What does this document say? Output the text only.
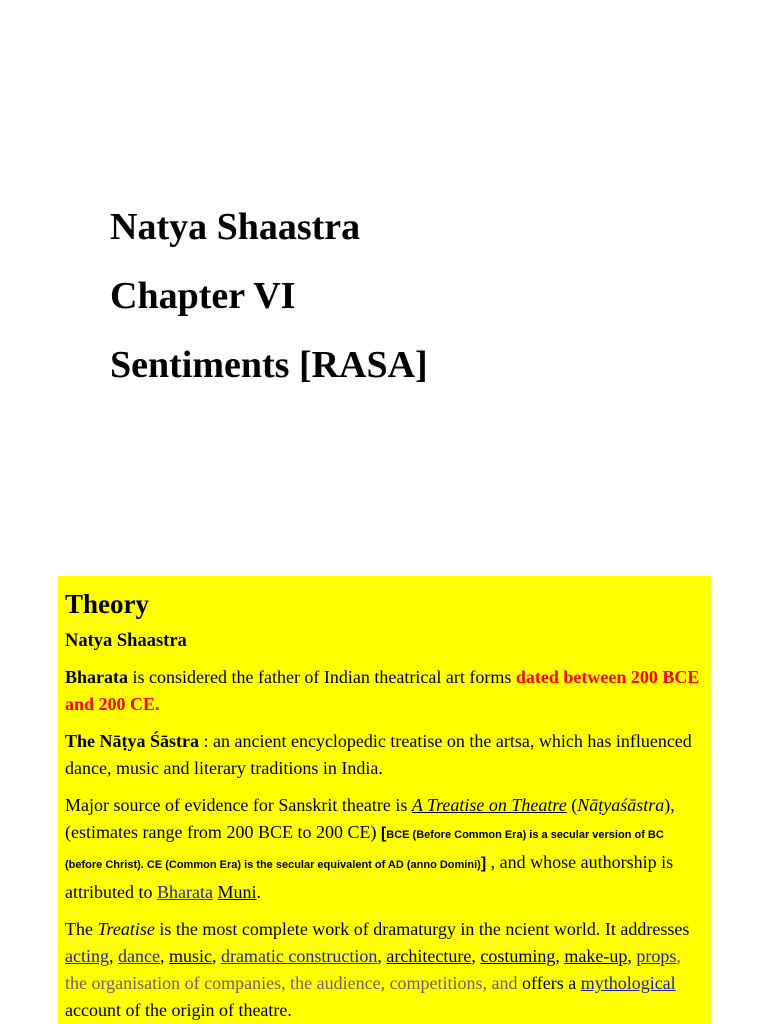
Natya Shaastra
Chapter VI
Sentiments [RASA]
Theory
Natya Shaastra

Bharata is considered the father of Indian theatrical art forms dated between 200 BCE and 200 CE.

The Nāṭya Śāstra : an ancient encyclopedic treatise on the artsa, which has influenced dance, music and literary traditions in India.

Major source of evidence for Sanskrit theatre is A Treatise on Theatre (Nāṭyaśāstra), (estimates range from 200 BCE to 200 CE) [BCE (Before Common Era) is a secular version of BC (before Christ). CE (Common Era) is the secular equivalent of AD (anno Domini)] , and whose authorship is attributed to Bharata Muni.

The Treatise is the most complete work of dramaturgy in the ncient world. It addresses acting, dance, music, dramatic construction, architecture, costuming, make-up, props, the organisation of companies, the audience, competitions, and offers a mythological account of the origin of theatre.
